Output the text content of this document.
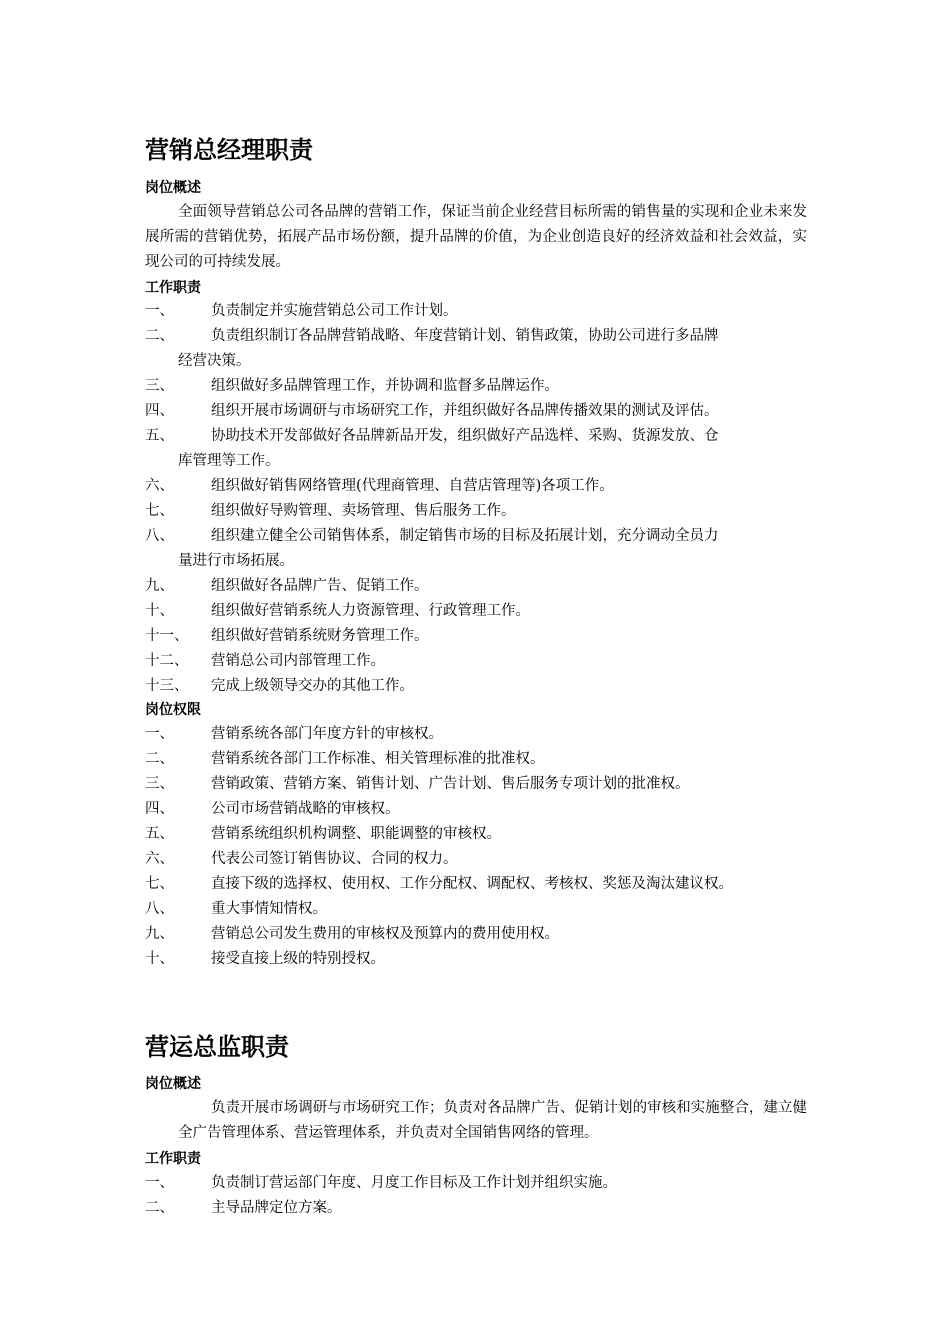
营销总经理职责
岗位概述

全面领导营销总公司各品牌的营销工作，保证当前企业经营目标所需的销售量的实现和企业未来发展所需的营销优势，拓展产品市场份额，提升品牌的价值，为企业创造良好的经济效益和社会效益，实现公司的可持续发展。

工作职责
一、	负责制定并实施营销总公司工作计划。
二、	负责组织制订各品牌营销战略、年度营销计划、销售政策，协助公司进行多品牌
经营决策。
三、	组织做好多品牌管理工作，并协调和监督多品牌运作。
四、	组织开展市场调研与市场研究工作，并组织做好各品牌传播效果的测试及评估。
五、	协助技术开发部做好各品牌新品开发，组织做好产品选样、采购、货源发放、仓
库管理等工作。
六、	组织做好销售网络管理(代理商管理、自营店管理等)各项工作。
七、	组织做好导购管理、卖场管理、售后服务工作。
八、	组织建立健全公司销售体系，制定销售市场的目标及拓展计划，充分调动全员力
量进行市场拓展。
九、	组织做好各品牌广告、促销工作。
十、	组织做好营销系统人力资源管理、行政管理工作。
十一、 组织做好营销系统财务管理工作。
十二、 营销总公司内部管理工作。
十三、 完成上级领导交办的其他工作。
岗位权限
一、	营销系统各部门年度方针的审核权。
二、	营销系统各部门工作标准、相关管理标准的批准权。
三、	营销政策、营销方案、销售计划、广告计划、售后服务专项计划的批准权。
四、	公司市场营销战略的审核权。
五、	营销系统组织机构调整、职能调整的审核权。
六、	代表公司签订销售协议、合同的权力。
七、	直接下级的选择权、使用权、工作分配权、调配权、考核权、奖惩及淘汰建议权。
八、	重大事情知情权。
九、	营销总公司发生费用的审核权及预算内的费用使用权。
十、	接受直接上级的特别授权。
营运总监职责
岗位概述

负责开展市场调研与市场研究工作；负责对各品牌广告、促销计划的审核和实施整合，建立健全广告管理体系、营运管理体系，并负责对全国销售网络的管理。

工作职责
一、	负责制订营运部门年度、月度工作目标及工作计划并组织实施。
二、	主导品牌定位方案。
